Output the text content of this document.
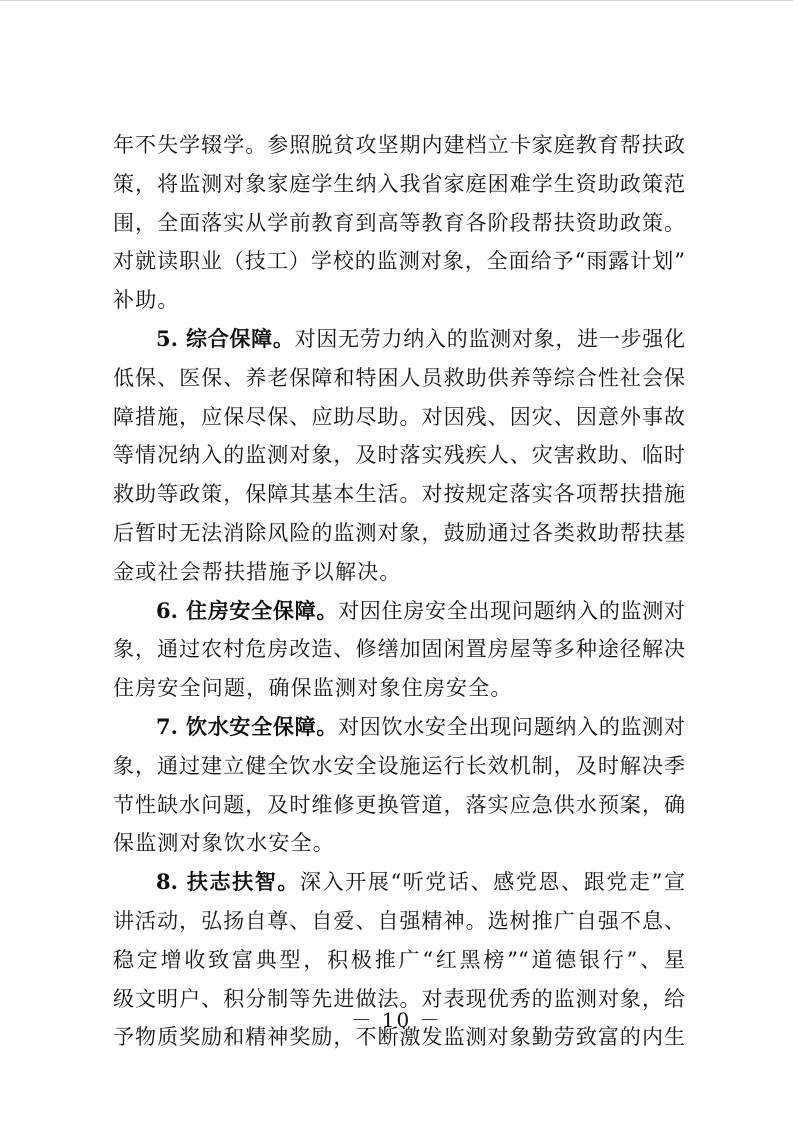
年不失学辍学。参照脱贫攻坚期内建档立卡家庭教育帮扶政
策，将监测对象家庭学生纳入我省家庭困难学生资助政策范
围，全面落实从学前教育到高等教育各阶段帮扶资助政策。
对就读职业（技工）学校的监测对象，全面给予“雨露计划”
补助。
5. 综合保障。对因无劳力纳入的监测对象，进一步强化
低保、医保、养老保障和特困人员救助供养等综合性社会保
障措施，应保尽保、应助尽助。对因残、因灾、因意外事故
等情况纳入的监测对象，及时落实残疾人、灾害救助、临时
救助等政策，保障其基本生活。对按规定落实各项帮扶措施
后暂时无法消除风险的监测对象，鼓励通过各类救助帮扶基
金或社会帮扶措施予以解决。
6. 住房安全保障。对因住房安全出现问题纳入的监测对
象，通过农村危房改造、修缮加固闲置房屋等多种途径解决
住房安全问题，确保监测对象住房安全。
7. 饮水安全保障。对因饮水安全出现问题纳入的监测对
象，通过建立健全饮水安全设施运行长效机制，及时解决季
节性缺水问题，及时维修更换管道，落实应急供水预案，确
保监测对象饮水安全。
8. 扶志扶智。深入开展“听党话、感党恩、跟党走”宣
讲活动，弘扬自尊、自爱、自强精神。选树推广自强不息、
稳定增收致富典型，积极推广“红黑榜”“道德银行”、星
级文明户、积分制等先进做法。对表现优秀的监测对象，给
予物质奖励和精神奖励，不断激发监测对象勤劳致富的内生
－ 10 －
